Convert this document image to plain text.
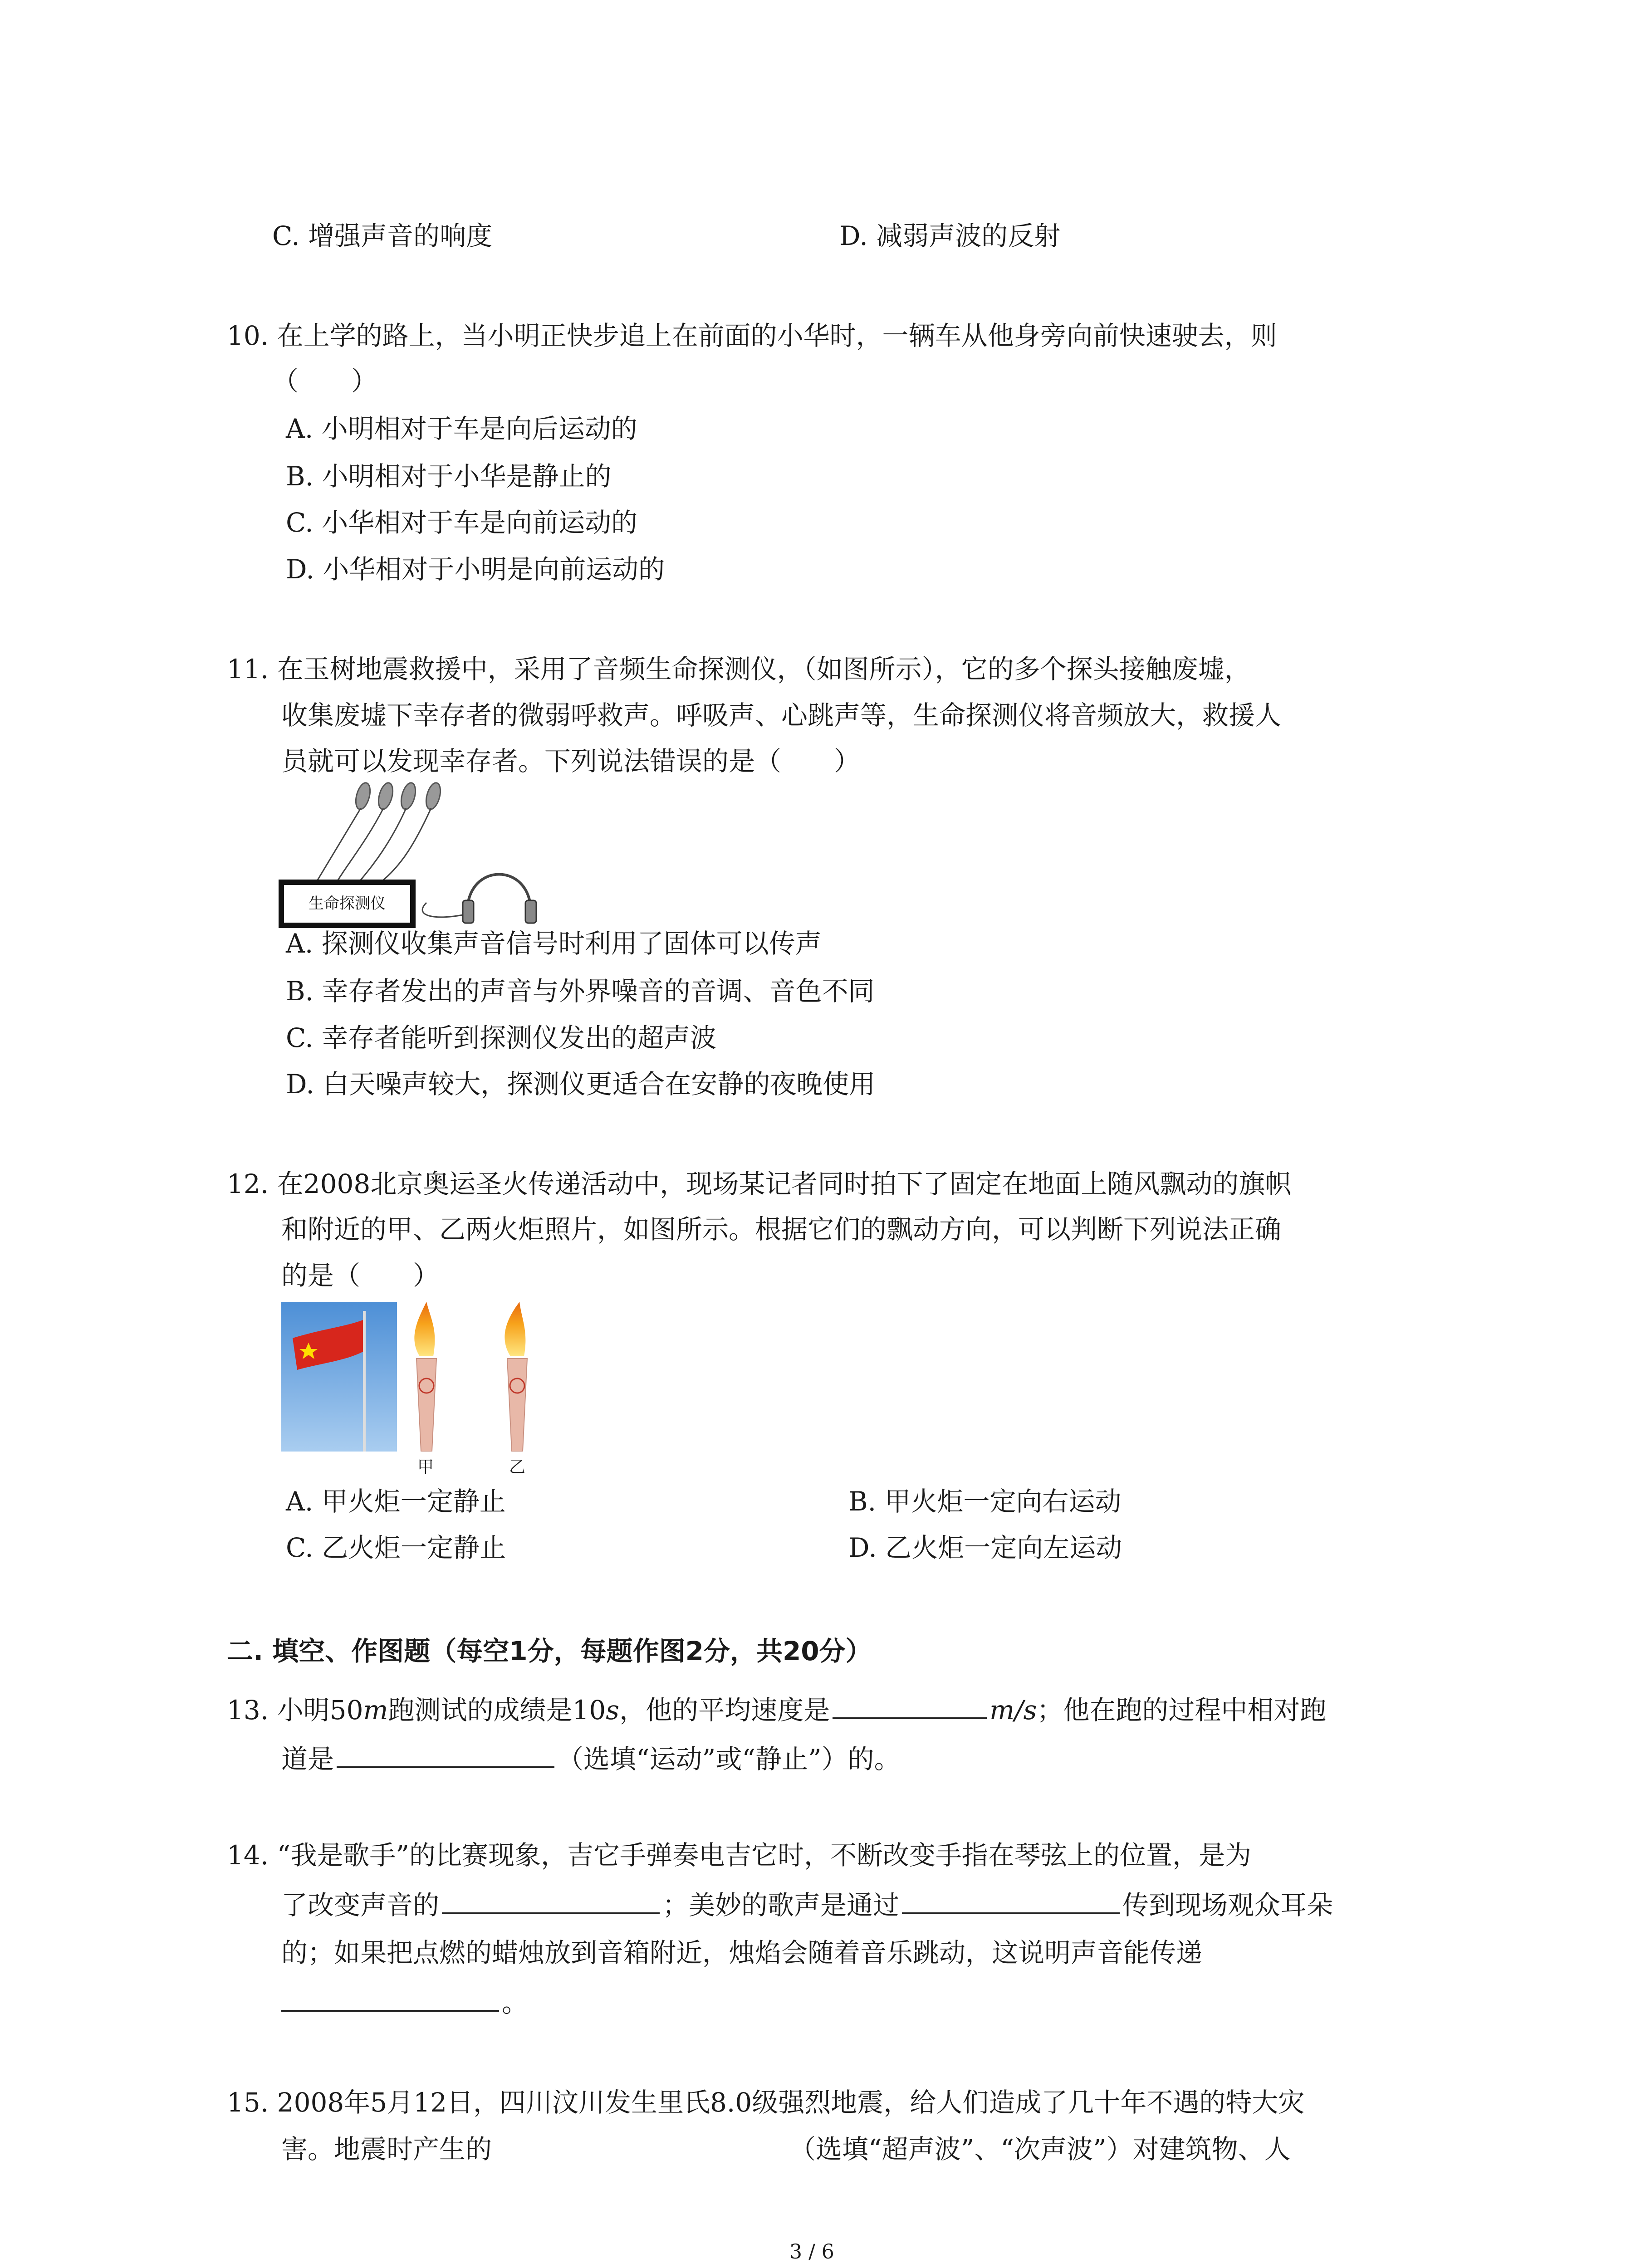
C. 增强声音的响度	D. 减弱声波的反射
10. 在上学的路上，当小明正快步追上在前面的小华时，一辆车从他身旁向前快速驶去，则
（　　）
A. 小明相对于车是向后运动的
B. 小明相对于小华是静止的
C. 小华相对于车是向前运动的
D. 小华相对于小明是向前运动的
11. 在玉树地震救援中，采用了音频生命探测仪，（如图所示），它的多个探头接触废墟，
收集废墟下幸存者的微弱呼救声。呼吸声、心跳声等，生命探测仪将音频放大，救援人
员就可以发现幸存者。下列说法错误的是（　　）
生命探测仪
A. 探测仪收集声音信号时利用了固体可以传声
B. 幸存者发出的声音与外界噪音的音调、音色不同
C. 幸存者能听到探测仪发出的超声波
D. 白天噪声较大，探测仪更适合在安静的夜晚使用
12. 在2008北京奥运圣火传递活动中，现场某记者同时拍下了固定在地面上随风飘动的旗帜
和附近的甲、乙两火炬照片，如图所示。根据它们的飘动方向，可以判断下列说法正确
的是（　　）
甲	乙
A. 甲火炬一定静止	B. 甲火炬一定向右运动
C. 乙火炬一定静止	D. 乙火炬一定向左运动
二. 填空、作图题（每空1分，每题作图2分，共20分）
13. 小明50m跑测试的成绩是10s，他的平均速度是	m/s；他在跑的过程中相对跑
道是	（选填“运动”或“静止”）的。
14. “我是歌手”的比赛现象，吉它手弹奏电吉它时，不断改变手指在琴弦上的位置，是为
了改变声音的	；美妙的歌声是通过	传到现场观众耳朵
的；如果把点燃的蜡烛放到音箱附近，烛焰会随着音乐跳动，这说明声音能传递
。
15. 2008年5月12日，四川汶川发生里氏8.0级强烈地震，给人们造成了几十年不遇的特大灾
害。地震时产生的	（选填“超声波”、“次声波”）对建筑物、人
3 / 6
